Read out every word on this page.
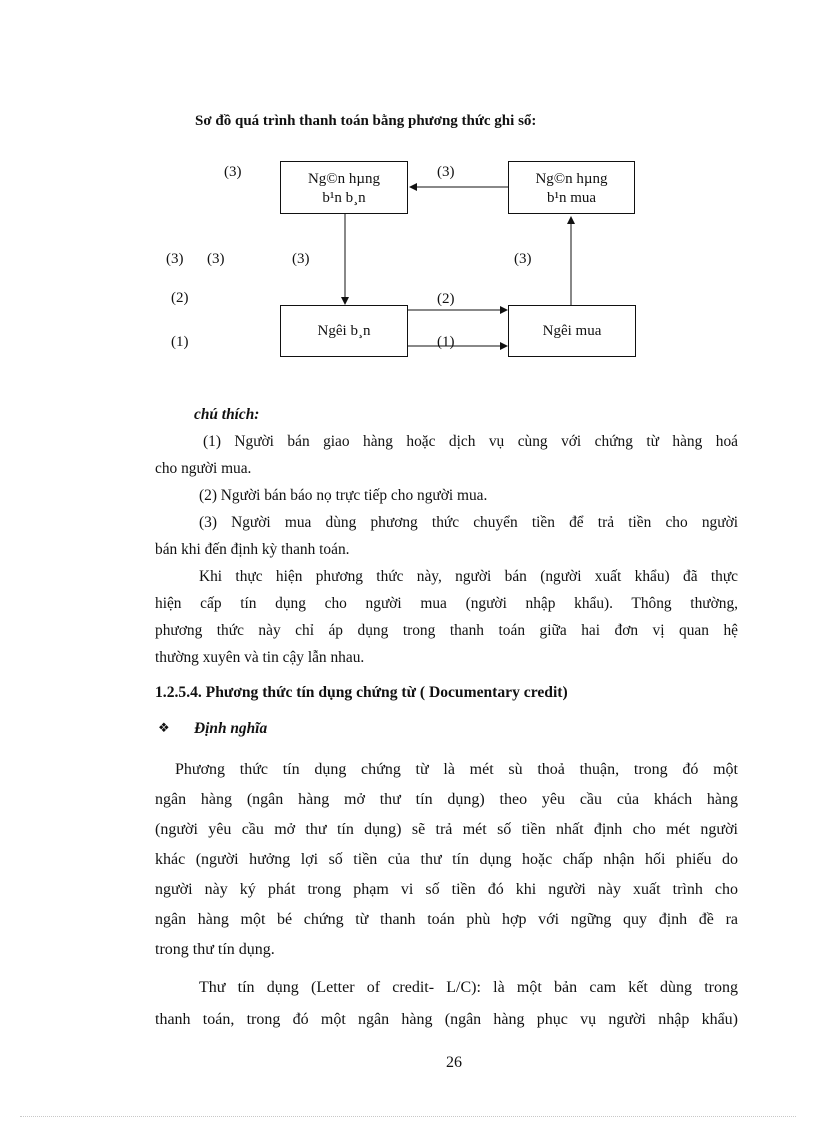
Sơ đồ quá trình thanh toán bằng phương thức ghi sổ:
Ng©n hµng
b¹n b¸n
Ng©n hµng
b¹n mua
Ngêi b¸n	Ngêi mua
(3)	(3)
(3) (3)	(3)	(3)
(2)	(2)
(1)	(1)
chú thích:
(1) Người bán giao hàng hoặc dịch vụ cùng với chứng từ hàng hoá
cho người mua.
(2) Người bán báo nọ trực tiếp cho người mua.
(3) Người mua dùng phương thức chuyển tiền để trả tiền cho người
bán khi đến định kỳ thanh toán.
Khi thực hiện phương thức này, người bán (người xuất khẩu) đã thực
hiện cấp tín dụng cho người mua (người nhập khẩu). Thông thường,
phương thức này chỉ áp dụng trong thanh toán giữa hai đơn vị quan hệ
thường xuyên và tin cậy lẫn nhau.
1.2.5.4. Phương thức tín dụng chứng từ ( Documentary credit)
❖ Định nghĩa
Phương thức tín dụng chứng từ là mét sù thoả thuận, trong đó một
ngân hàng (ngân hàng mở thư tín dụng) theo yêu cầu của khách hàng
(người yêu cầu mở thư tín dụng) sẽ trả mét số tiền nhất định cho mét người
khác (người hưởng lợi số tiền của thư tín dụng hoặc chấp nhận hối phiếu do
người này ký phát trong phạm vi số tiền đó khi người này xuất trình cho
ngân hàng một bé chứng từ thanh toán phù hợp với ngững quy định đề ra
trong thư tín dụng.
Thư tín dụng (Letter of credit- L/C): là một bản cam kết dùng trong
thanh toán, trong đó một ngân hàng (ngân hàng phục vụ người nhập khẩu)
26
